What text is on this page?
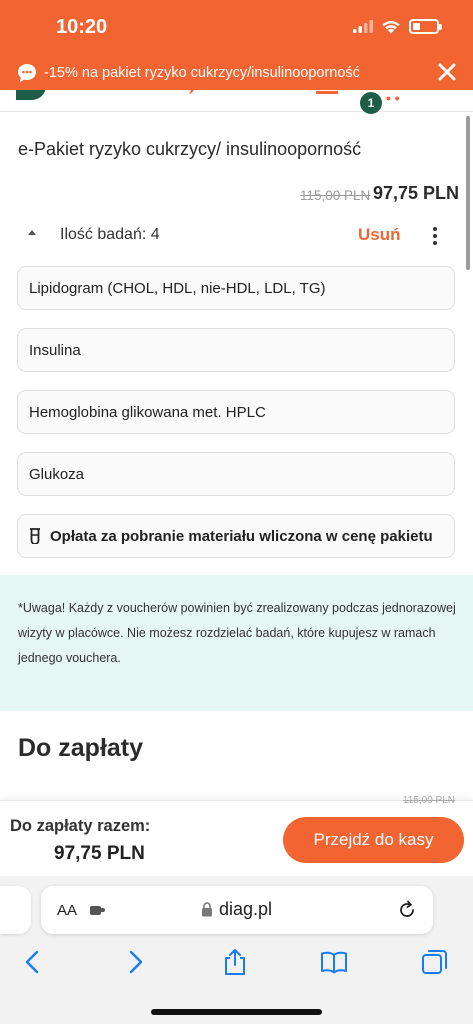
10:20
-15% na pakiet ryzyko cukrzycy/insulinooporność
• •
1
e-Pakiet ryzyko cukrzycy/ insulinooporność
115,00 PLN 97,75 PLN
Ilość badań: 4	Usuń
Lipidogram (CHOL, HDL, nie-HDL, LDL, TG)
Insulina
Hemoglobina glikowana met. HPLC
Glukoza
Opłata za pobranie materiału wliczona w cenę pakietu
*Uwaga! Każdy z voucherów powinien być zrealizowany podczas jednorazowej wizyty w placówce. Nie możesz rozdzielać badań, które kupujesz w ramach jednego vouchera.
Do zapłaty
115,00 PLN
Do zapłaty razem:
97,75 PLN
Przejdź do kasy
AA	diag.pl
